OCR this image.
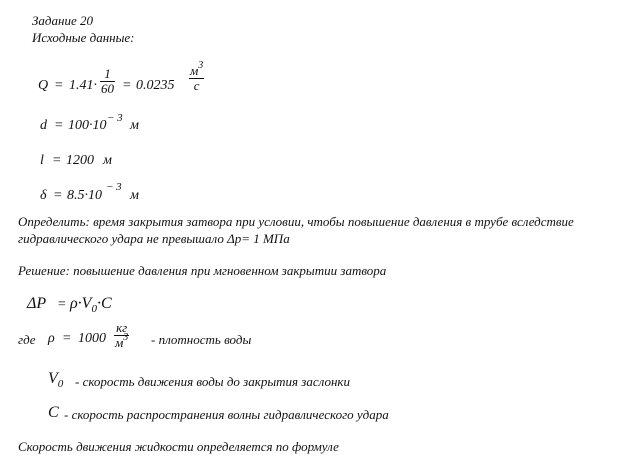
Задание 20
Исходные данные:
Q = 1.41·
1
60 = 0.0235
$м^3$
с
d = 100·10 − 3 м
l = 1200 м
δ = 8.5·10
− 3
м
Определить: время закрытия затвора при условии, чтобы повышение давления в трубе вследствие
гидравлического удара не превышало Δp= 1 МПа
Решение: повышение давления при мгновенном закрытии затвора
$\Delta P = \rho\cdot V_0\cdot C$
где ρ = 1000
кг
$м^3$ - плотность воды
$V_0$ - скорость движения воды до закрытия заслонки
C - скорость распространения волны гидравлического удара
Скорость движения жидкости определяется по формуле
